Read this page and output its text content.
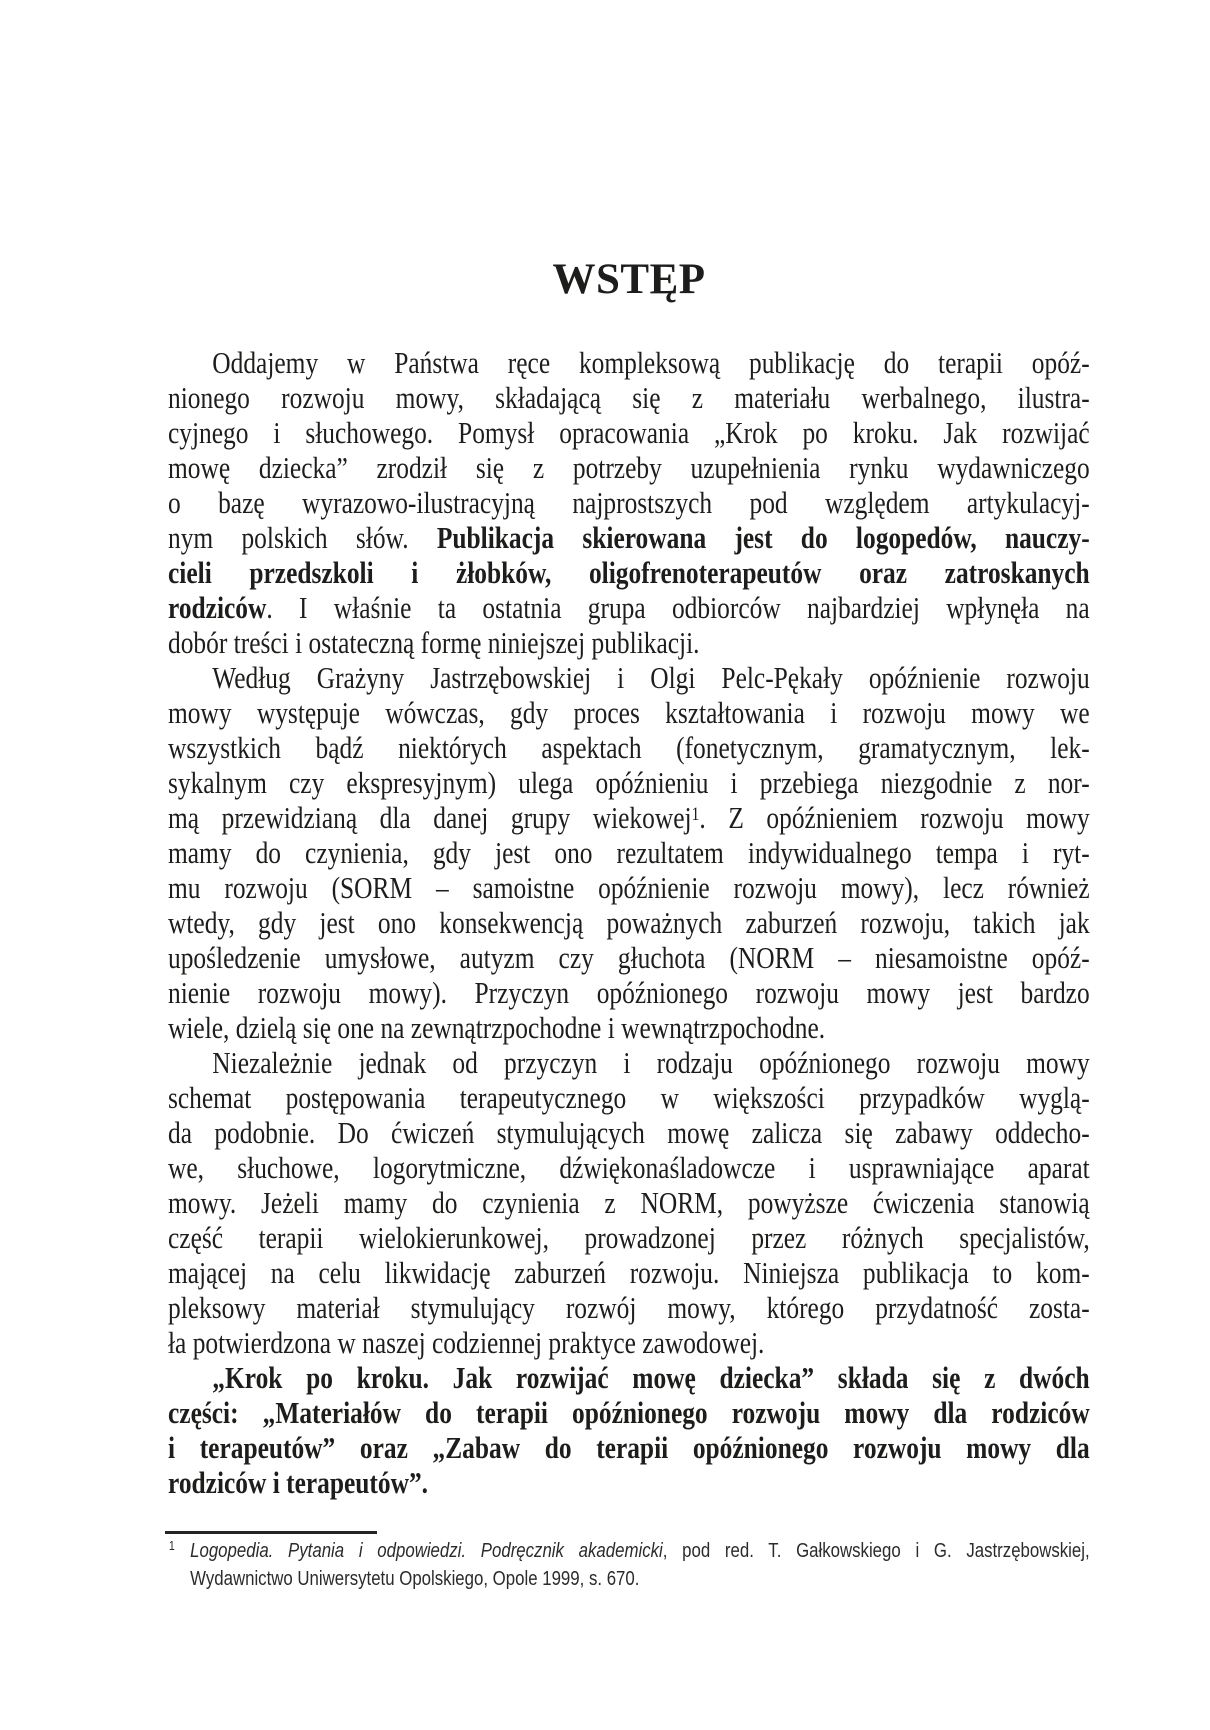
WSTĘP
Oddajemy w Państwa ręce kompleksową publikację do terapii opóź-
nionego rozwoju mowy, składającą się z materiału werbalnego, ilustra-
cyjnego i słuchowego. Pomysł opracowania „Krok po kroku. Jak rozwijać
mowę dziecka” zrodził się z potrzeby uzupełnienia rynku wydawniczego
o bazę wyrazowo-ilustracyjną najprostszych pod względem artykulacyj-
nym polskich słów. Publikacja skierowana jest do logopedów, nauczy-
cieli przedszkoli i żłobków, oligofrenoterapeutów oraz zatroskanych
rodziców. I właśnie ta ostatnia grupa odbiorców najbardziej wpłynęła na
dobór treści i ostateczną formę niniejszej publikacji.
Według Grażyny Jastrzębowskiej i Olgi Pelc-Pękały opóźnienie rozwoju
mowy występuje wówczas, gdy proces kształtowania i rozwoju mowy we
wszystkich bądź niektórych aspektach (fonetycznym, gramatycznym, lek-
sykalnym czy ekspresyjnym) ulega opóźnieniu i przebiega niezgodnie z nor-
mą przewidzianą dla danej grupy wiekowej$^1$. Z opóźnieniem rozwoju mowy
mamy do czynienia, gdy jest ono rezultatem indywidualnego tempa i ryt-
mu rozwoju (SORM – samoistne opóźnienie rozwoju mowy), lecz również
wtedy, gdy jest ono konsekwencją poważnych zaburzeń rozwoju, takich jak
upośledzenie umysłowe, autyzm czy głuchota (NORM – niesamoistne opóź-
nienie rozwoju mowy). Przyczyn opóźnionego rozwoju mowy jest bardzo
wiele, dzielą się one na zewnątrzpochodne i wewnątrzpochodne.
Niezależnie jednak od przyczyn i rodzaju opóźnionego rozwoju mowy
schemat postępowania terapeutycznego w większości przypadków wyglą-
da podobnie. Do ćwiczeń stymulujących mowę zalicza się zabawy oddecho-
we, słuchowe, logorytmiczne, dźwiękonaśladowcze i usprawniające aparat
mowy. Jeżeli mamy do czynienia z NORM, powyższe ćwiczenia stanowią
część terapii wielokierunkowej, prowadzonej przez różnych specjalistów,
mającej na celu likwidację zaburzeń rozwoju. Niniejsza publikacja to kom-
pleksowy materiał stymulujący rozwój mowy, którego przydatność zosta-
ła potwierdzona w naszej codziennej praktyce zawodowej.
„Krok po kroku. Jak rozwijać mowę dziecka” składa się z dwóch
części: „Materiałów do terapii opóźnionego rozwoju mowy dla rodziców
i terapeutów” oraz „Zabaw do terapii opóźnionego rozwoju mowy dla
rodziców i terapeutów”.
1 Logopedia. Pytania i odpowiedzi. Podręcznik akademicki, pod red. T. Gałkowskiego i G. Jastrzębowskiej,
Wydawnictwo Uniwersytetu Opolskiego, Opole 1999, s. 670.
